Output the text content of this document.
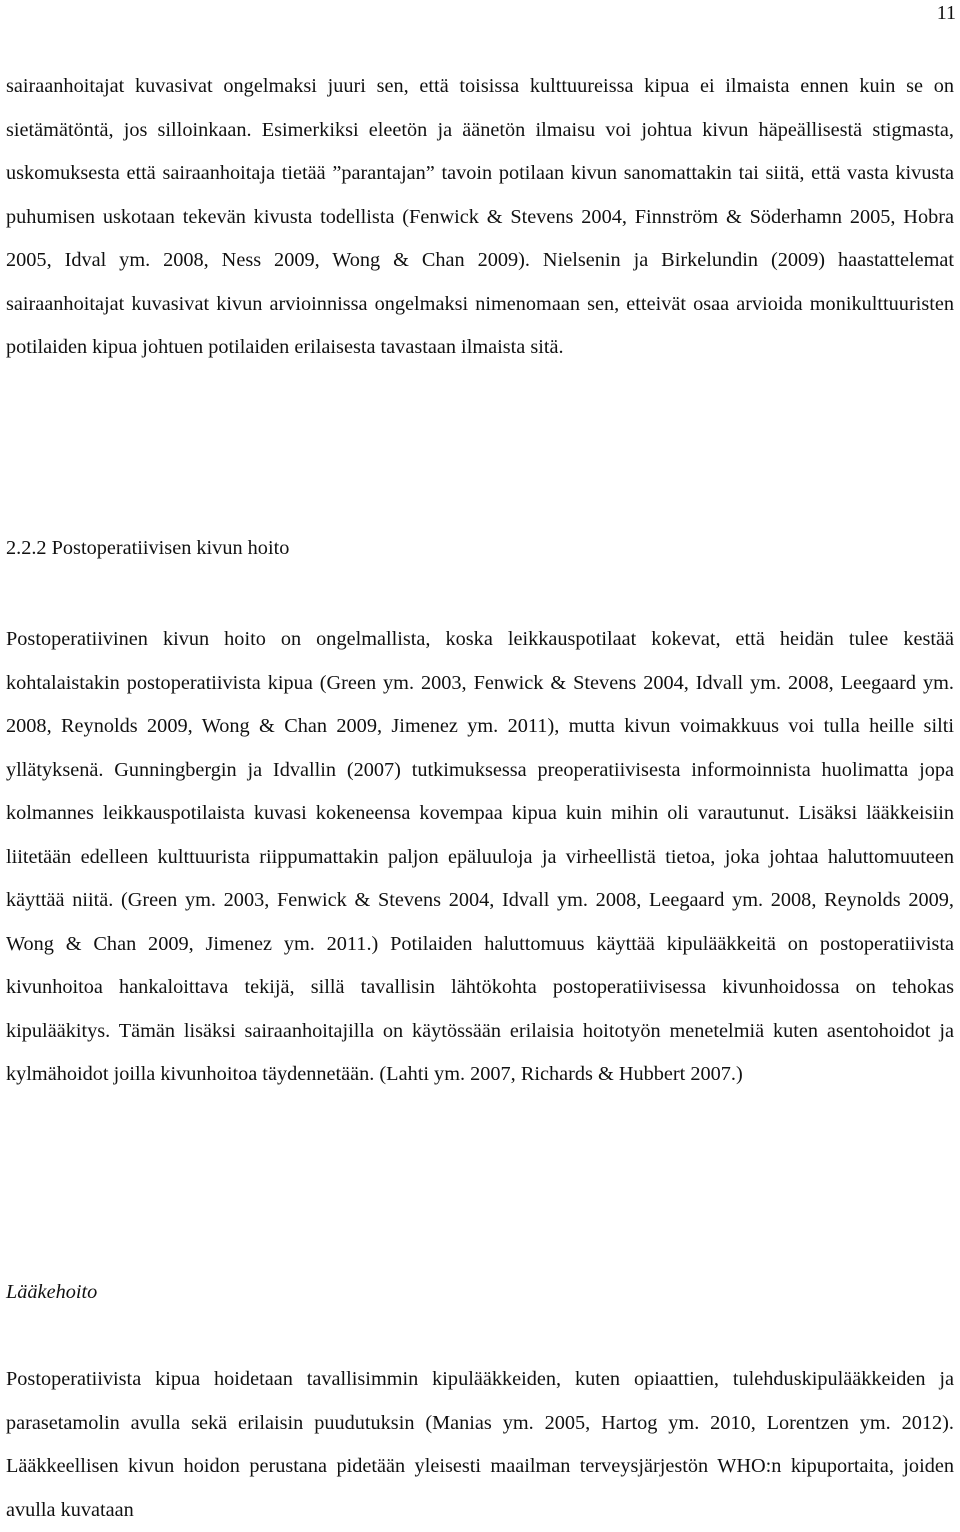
11

sairaanhoitajat kuvasivat ongelmaksi juuri sen, että toisissa kulttuureissa kipua ei ilmaista ennen kuin se on sietämätöntä, jos silloinkaan. Esimerkiksi eleetön ja äänetön ilmaisu voi johtua kivun häpeällisestä stigmasta, uskomuksesta että sairaanhoitaja tietää ”parantajan” tavoin potilaan kivun sanomattakin tai siitä, että vasta kivusta puhumisen uskotaan tekevän kivusta todellista (Fenwick & Stevens 2004, Finnström & Söderhamn 2005, Hobra 2005, Idval ym. 2008, Ness 2009, Wong & Chan 2009). Nielsenin ja Birkelundin (2009) haastattelemat sairaanhoitajat kuvasivat kivun arvioinnissa ongelmaksi nimenomaan sen, etteivät osaa arvioida monikulttuuristen potilaiden kipua johtuen potilaiden erilaisesta tavastaan ilmaista sitä.

2.2.2 Postoperatiivisen kivun hoito

Postoperatiivinen kivun hoito on ongelmallista, koska leikkauspotilaat kokevat, että heidän tulee kestää kohtalaistakin postoperatiivista kipua (Green ym. 2003, Fenwick & Stevens 2004, Idvall ym. 2008, Leegaard ym. 2008, Reynolds 2009, Wong & Chan 2009, Jimenez ym. 2011), mutta kivun voimakkuus voi tulla heille silti yllätyksenä. Gunningbergin ja Idvallin (2007) tutkimuksessa preoperatiivisesta informoinnista huolimatta jopa kolmannes leikkauspotilaista kuvasi kokeneensa kovempaa kipua kuin mihin oli varautunut. Lisäksi lääkkeisiin liitetään edelleen kulttuurista riippumattakin paljon epäluuloja ja virheellistä tietoa, joka johtaa haluttomuuteen käyttää niitä. (Green ym. 2003, Fenwick & Stevens 2004, Idvall ym. 2008, Leegaard ym. 2008, Reynolds 2009, Wong & Chan 2009, Jimenez ym. 2011.) Potilaiden haluttomuus käyttää kipulääkkeitä on postoperatiivista kivunhoitoa hankaloittava tekijä, sillä tavallisin lähtökohta postoperatiivisessa kivunhoidossa on tehokas kipulääkitys. Tämän lisäksi sairaanhoitajilla on käytössään erilaisia hoitotyön menetelmiä kuten asentohoidot ja kylmähoidot joilla kivunhoitoa täydennetään. (Lahti ym. 2007, Richards & Hubbert 2007.)

Lääkehoito

Postoperatiivista kipua hoidetaan tavallisimmin kipulääkkeiden, kuten opiaattien, tulehduskipulääkkeiden ja parasetamolin avulla sekä erilaisin puudutuksin (Manias ym. 2005, Hartog ym. 2010, Lorentzen ym. 2012). Lääkkeellisen kivun hoidon perustana pidetään yleisesti maailman terveysjärjestön WHO:n kipuportaita, joiden avulla kuvataan
